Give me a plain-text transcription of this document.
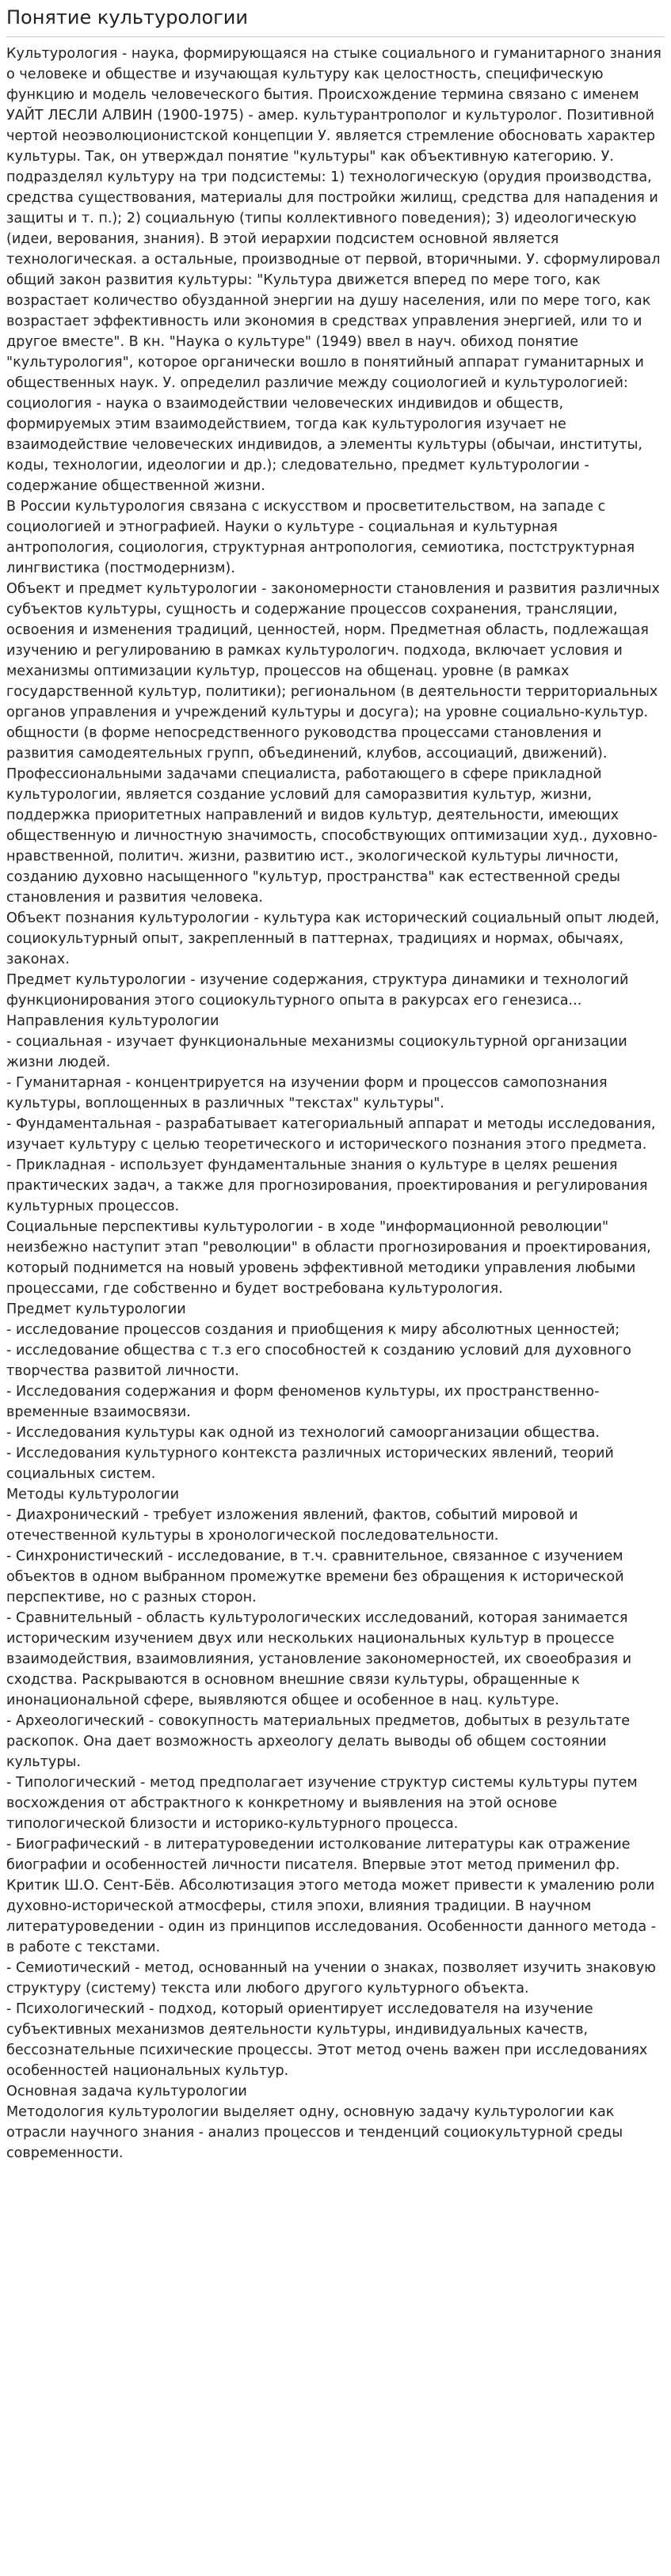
Понятие культурологии

Культурология - наука, формирующаяся на стыке социального и гуманитарного знания о человеке и обществе и изучающая культуру как целостность, специфическую функцию и модель человеческого бытия. Происхождение термина связано с именем

УАЙТ ЛЕСЛИ АЛВИН (1900-1975) - амер. культурантрополог и культуролог. Позитивной чертой неоэволюционистской концепции У. является стремление обосновать характер культуры. Так, он утверждал понятие "культуры" как объективную категорию. У. подразделял культуру на три подсистемы: 1) технологическую (орудия производства, средства существования, материалы для постройки жилищ, средства для нападения и защиты и т. п.); 2) социальную (типы коллективного поведения); 3) идеологическую (идеи, верования, знания). В этой иерархии подсистем основной является технологическая. а остальные, производные от первой, вторичными. У. сформулировал общий закон развития культуры: "Культура движется вперед по мере того, как возрастает количество обузданной энергии на душу населения, или по мере того, как возрастает эффективность или экономия в средствах управления энергией, или то и другое вместе". В кн. "Наука о культуре" (1949) ввел в науч. обиход понятие "культурология", которое органически вошло в понятийный аппарат гуманитарных и общественных наук. У. определил различие между социологией и культурологией: социология - наука о взаимодействии человеческих индивидов и обществ, формируемых этим взаимодействием, тогда как культурология изучает не взаимодействие человеческих индивидов, а элементы культуры (обычаи, институты, коды, технологии, идеологии и др.); следовательно, предмет культурологии - содержание общественной жизни.

В России культурология связана с искусством и просветительством, на западе с социологией и этнографией. Науки о культуре - социальная и культурная антропология, социология, структурная антропология, семиотика, постструктурная лингвистика (постмодернизм).

Объект и предмет культурологии - закономерности становления и развития различных субъектов культуры, сущность и содержание процессов сохранения, трансляции, освоения и изменения традиций, ценностей, норм. Предметная область, подлежащая изучению и регулированию в рамках культурологич. подхода, включает условия и механизмы оптимизации культур, процессов на общенац. уровне (в рамках государственной культур, политики); региональном (в деятельности территориальных органов управления и учреждений культуры и досуга); на уровне социально-культур. общности (в форме непосредственного руководства процессами становления и развития самодеятельных групп, объединений, клубов, ассоциаций, движений). Профессиональными задачами специалиста, работающего в сфере прикладной культурологии, является создание условий для саморазвития культур, жизни, поддержка приоритетных направлений и видов культур, деятельности, имеющих общественную и личностную значимость, способствующих оптимизации худ., духовно-нравственной, политич. жизни, развитию ист., экологической культуры личности, созданию духовно насыщенного "культур, пространства" как естественной среды становления и развития человека.

Объект познания культурологии - культура как исторический социальный опыт людей, социокультурный опыт, закрепленный в паттернах, традициях и нормах, обычаях, законах.

Предмет культурологии - изучение содержания, структура динамики и технологий функционирования этого социокультурного опыта в ракурсах его генезиса...

Направления культурологии

- социальная - изучает функциональные механизмы социокультурной организации жизни людей.

- Гуманитарная - концентрируется на изучении форм и процессов самопознания культуры, воплощенных в различных "текстах" культуры".

- Фундаментальная - разрабатывает категориальный аппарат и методы исследования, изучает культуру с целью теоретического и исторического познания этого предмета.

- Прикладная - использует фундаментальные знания о культуре в целях решения практических задач, а также для прогнозирования, проектирования и регулирования культурных процессов.

Социальные перспективы культурологии - в ходе "информационной революции" неизбежно наступит этап "революции" в области прогнозирования и проектирования, который поднимется на новый уровень эффективной методики управления любыми процессами, где собственно и будет востребована культурология.

Предмет культурологии

- исследование процессов создания и приобщения к миру абсолютных ценностей;

- исследование общества с т.з его способностей к созданию условий для духовного творчества развитой личности.

- Исследования содержания и форм феноменов культуры, их пространственно-временные взаимосвязи.

- Исследования культуры как одной из технологий самоорганизации общества.

- Исследования культурного контекста различных исторических явлений, теорий социальных систем.

Методы культурологии

- Диахронический - требует изложения явлений, фактов, событий мировой и отечественной культуры в хронологической последовательности.

- Синхронистический - исследование, в т.ч. сравнительное, связанное с изучением объектов в одном выбранном промежутке времени без обращения к исторической перспективе, но с разных сторон.

- Сравнительный - область культурологических исследований, которая занимается историческим изучением двух или нескольких национальных культур в процессе взаимодействия, взаимовлияния, установление закономерностей, их своеобразия и сходства. Раскрываются в основном внешние связи культуры, обращенные к инонациональной сфере, выявляются общее и особенное в нац. культуре.

- Археологический - совокупность материальных предметов, добытых в результате раскопок. Она дает возможность археологу делать выводы об общем состоянии культуры.

- Типологический - метод предполагает изучение структур системы культуры путем восхождения от абстрактного к конкретному и выявления на этой основе типологической близости и историко-культурного процесса.

- Биографический - в литературоведении истолкование литературы как отражение биографии и особенностей личности писателя. Впервые этот метод применил фр. Критик Ш.О. Сент-Бёв. Абсолютизация этого метода может привести к умалению роли духовно-исторической атмосферы, стиля эпохи, влияния традиции. В научном литературоведении - один из принципов исследования. Особенности данного метода - в работе с текстами.

- Семиотический - метод, основанный на учении о знаках, позволяет изучить знаковую структуру (систему) текста или любого другого культурного объекта.

- Психологический - подход, который ориентирует исследователя на изучение субъективных механизмов деятельности культуры, индивидуальных качеств, бессознательные психические процессы. Этот метод очень важен при исследованиях особенностей национальных культур.

Основная задача культурологии

Методология культурологии выделяет одну, основную задачу культурологии как отрасли научного знания - анализ процессов и тенденций социокультурной среды современности.
